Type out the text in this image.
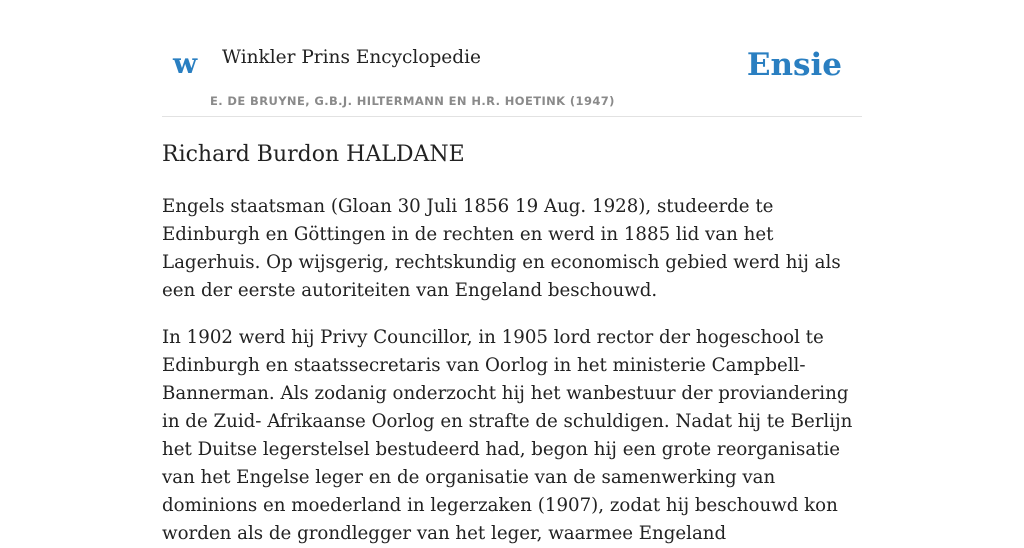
w Winkler Prins Encyclopedie
E. DE BRUYNE, G.B.J. HILTERMANN EN H.R. HOETINK (1947)
Ensie
Richard Burdon HALDANE

Engels staatsman (Gloan 30 Juli 1856 19 Aug. 1928), studeerde te Edinburgh en Göttingen in de rechten en werd in 1885 lid van het Lagerhuis. Op wijsgerig, rechtskundig en economisch gebied werd hij als een der eerste autoriteiten van Engeland beschouwd.

In 1902 werd hij Privy Councillor, in 1905 lord rector der hogeschool te Edinburgh en staatssecretaris van Oorlog in het ministerie Campbell-Bannerman. Als zodanig onderzocht hij het wanbestuur der proviandering in de Zuid- Afrikaanse Oorlog en strafte de schuldigen. Nadat hij te Berlijn het Duitse legerstelsel bestudeerd had, begon hij een grote reorganisatie van het Engelse leger en de organisatie van de samenwerking van dominions en moederland in legerzaken (1907), zodat hij beschouwd kon worden als de grondlegger van het leger, waarmee Engeland
